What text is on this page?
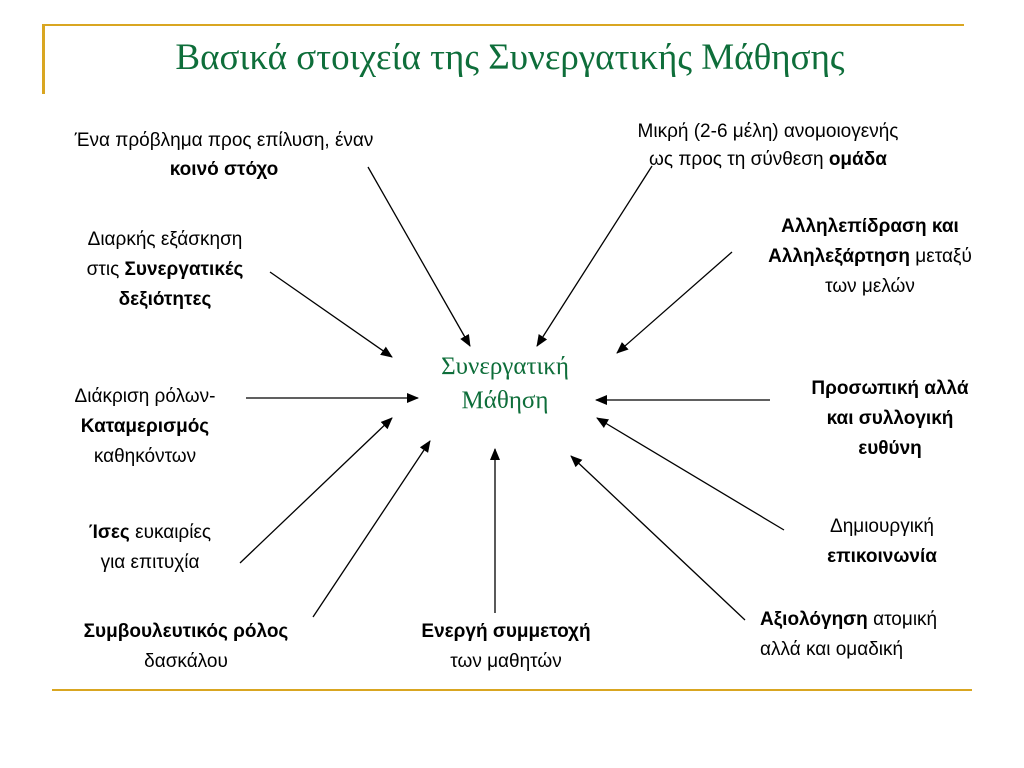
Βασικά στοιχεία της Συνεργατικής Μάθησης
Συνεργατική
Μάθηση
Ένα πρόβλημα προς επίλυση, έναν
κοινό στόχο
Διαρκής εξάσκηση
στις Συνεργατικές
δεξιότητες
Διάκριση ρόλων-
Καταμερισμός
καθηκόντων
Ίσες ευκαιρίες
για επιτυχία
Συμβουλευτικός ρόλος
δασκάλου
Ενεργή συμμετοχή
των μαθητών
Μικρή (2-6 μέλη) ανομοιογενής
ως προς τη σύνθεση ομάδα
Αλληλεπίδραση και
Αλληλεξάρτηση μεταξύ
των μελών
Προσωπική αλλά
και συλλογική
ευθύνη
Δημιουργική
επικοινωνία
Αξιολόγηση ατομική
αλλά και ομαδική
